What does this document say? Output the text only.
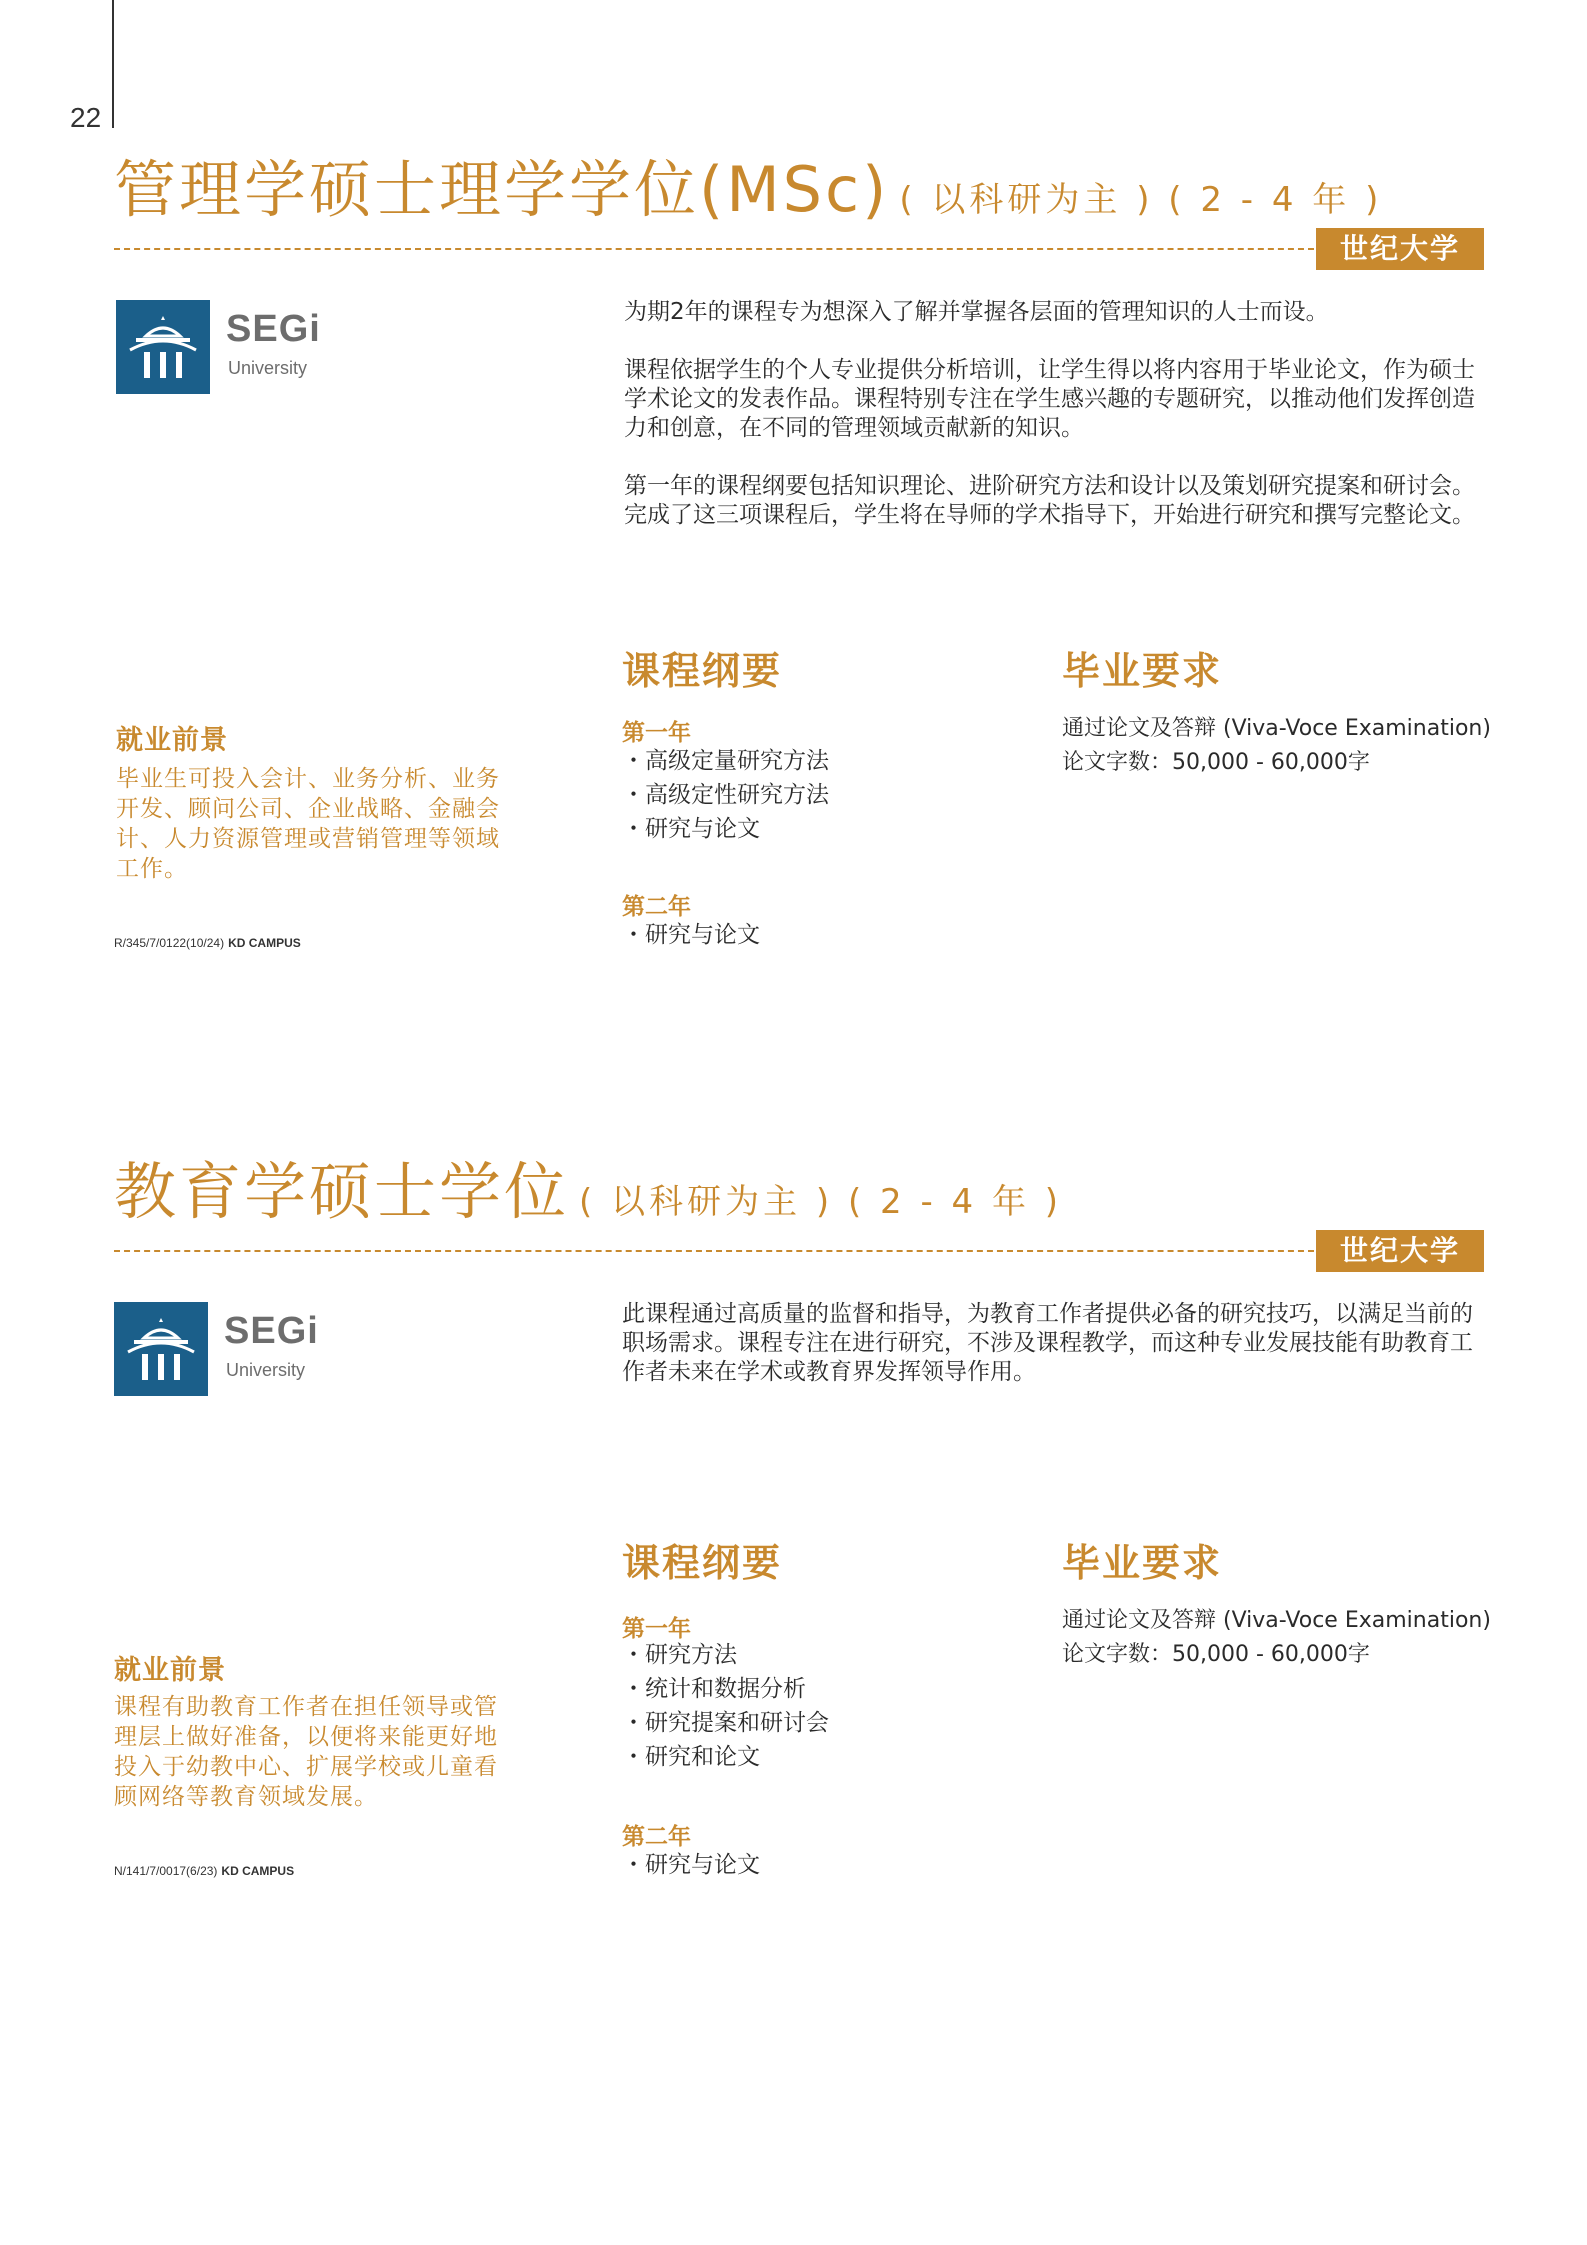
22
管理学硕士理学学位(MSc) ( 以科研为主 ) ( 2 - 4 年 )
世纪大学
SEGi
University

为期2年的课程专为想深入了解并掌握各层面的管理知识的人士而设。

课程依据学生的个人专业提供分析培训，让学生得以将内容用于毕业论文，作为硕士学术论文的发表作品。课程特别专注在学生感兴趣的专题研究，以推动他们发挥创造力和创意，在不同的管理领域贡献新的知识。

第一年的课程纲要包括知识理论、进阶研究方法和设计以及策划研究提案和研讨会。完成了这三项课程后，学生将在导师的学术指导下，开始进行研究和撰写完整论文。

课程纲要	毕业要求
第一年
・ 高级定量研究方法
・ 高级定性研究方法
・ 研究与论文
第二年
・ 研究与论文
通过论文及答辩 (Viva-Voce Examination)
论文字数：50,000 - 60,000字
就业前景
毕业生可投入会计、业务分析、业务开发、顾问公司、企业战略、金融会计、人力资源管理或营销管理等领域工作。
R/345/7/0122(10/24) KD CAMPUS
教育学硕士学位 ( 以科研为主 ) ( 2 - 4 年 )
世纪大学
SEGi
University

此课程通过高质量的监督和指导，为教育工作者提供必备的研究技巧，以满足当前的职场需求。课程专注在进行研究，不涉及课程教学，而这种专业发展技能有助教育工作者未来在学术或教育界发挥领导作用。

课程纲要	毕业要求
第一年
・ 研究方法
・ 统计和数据分析
・ 研究提案和研讨会
・ 研究和论文
第二年
・ 研究与论文
通过论文及答辩 (Viva-Voce Examination)
论文字数：50,000 - 60,000字
就业前景
课程有助教育工作者在担任领导或管理层上做好准备，以便将来能更好地投入于幼教中心、扩展学校或儿童看顾网络等教育领域发展。
N/141/7/0017(6/23) KD CAMPUS
